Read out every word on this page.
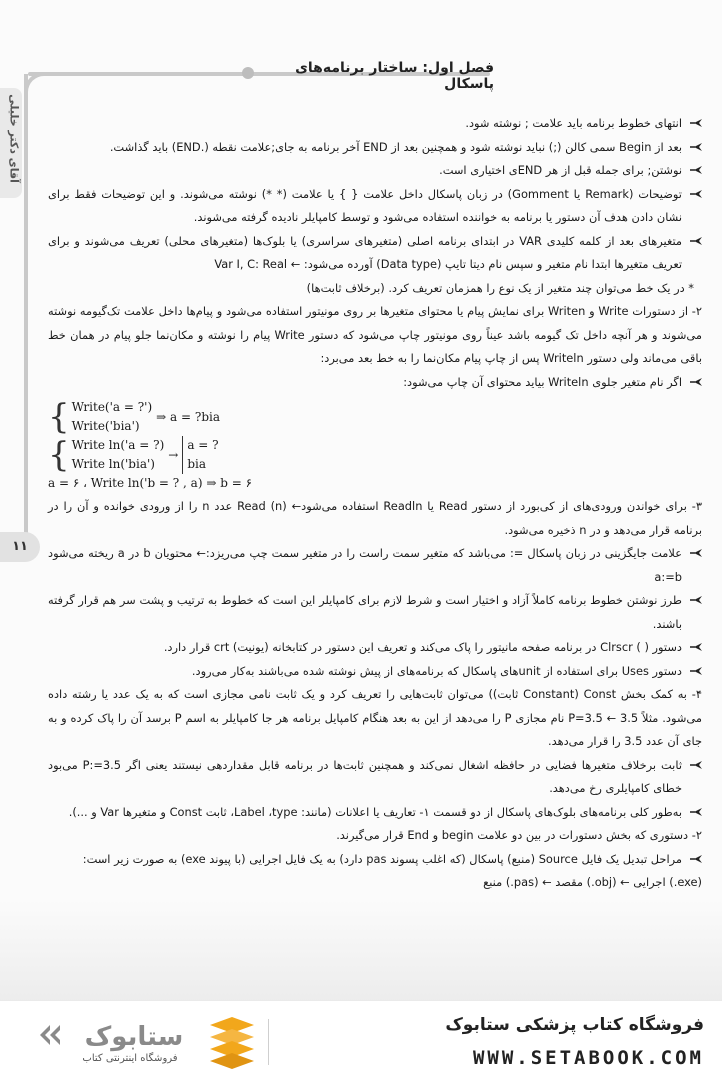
فصل اول: ساختار برنامه‌های پاسکال
آقای دکتر خلیلی
۱۱
انتهای خطوط برنامه باید علامت ; نوشته شود.
بعد از Begin سمی کالن (;) نباید نوشته شود و همچنین بعد از END آخر برنامه به جای;علامت نقطه (.END) باید گذاشت.
نوشتن; برای جمله قبل از هر ENDی اختیاری است.
توضیحات (Remark یا Gomment) در زبان پاسکال داخل علامت { } یا علامت (* *) نوشته می‌شوند. و این توضیحات فقط برای نشان دادن هدف آن دستور یا برنامه به خواننده استفاده می‌شود و توسط کامپایلر نادیده گرفته می‌شوند.
متغیرهای بعد از کلمه کلیدی VAR در ابتدای برنامه اصلی (متغیرهای سراسری) یا بلوک‌ها (متغیرهای محلی) تعریف می‌شوند و برای تعریف متغیرها ابتدا نام متغیر و سپس نام دیتا تایپ (Data type) آورده می‌شود: ← Var I, C: Real
* در یک خط می‌توان چند متغیر از یک نوع را همزمان تعریف کرد. (برخلاف ثابت‌ها)
۲- از دستورات Write و Writen برای نمایش پیام یا محتوای متغیرها بر روی مونیتور استفاده می‌شود و پیام‌ها داخل علامت تک‌گیومه نوشته می‌شوند و هر آنچه داخل تک گیومه باشد عیناً روی مونیتور چاپ می‌شود که دستور Write پیام را نوشته و مکان‌نما جلو پیام در همان خط باقی می‌ماند ولی دستور Writeln پس از چاپ پیام مکان‌نما را به خط بعد می‌برد:
اگر نام متغیر جلوی Writeln بیاید محتوای آن چاپ می‌شود:
{ Write('a = ?')
Write('bia')
⇒ a = ?bia
{ Write ln('a = ?)
Write ln('bia')
→
a = ?
bia
a = ۶ ، Write ln('b = ? , a) ⇒ b = ۶
۳- برای خواندن ورودی‌های از کی‌بورد از دستور Read یا Readln استفاده می‌شود← Read (n) عدد n را از ورودی خوانده و آن را در برنامه قرار می‌دهد و در n ذخیره می‌شود.
علامت جایگزینی در زبان پاسکال =: می‌باشد که متغیر سمت راست را در متغیر سمت چپ می‌ریزد:← محتویان b در a ریخته می‌شود a:=b
طرز نوشتن خطوط برنامه کاملاً آزاد و اختیار است و شرط لازم برای کامپایلر این است که خطوط به ترتیب و پشت سر هم قرار گرفته باشند.
دستور ( ) Clrscr در برنامه صفحه مانیتور را پاک می‌کند و تعریف این دستور در کتابخانه (یونیت) crt قرار دارد.
دستور Uses برای استفاده از unitهای پاسکال که برنامه‌های از پیش نوشته شده می‌باشند به‌کار می‌رود.
۴- به کمک بخش Const (Constant ثابت)) می‌توان ثابت‌هایی را تعریف کرد و یک ثابت نامی مجازی است که به یک عدد یا رشته داده می‌شود. مثلاً P=3.5 ← 3.5 نام مجازی P را می‌دهد از این به بعد هنگام کامپایل برنامه هر جا کامپایلر به اسم P برسد آن را پاک کرده و به جای آن عدد 3.5 را قرار می‌دهد.
ثابت برخلاف متغیرها فضایی در حافظه اشغال نمی‌کند و همچنین ثابت‌ها در برنامه قابل مقداردهی نیستند یعنی اگر P:=3.5 می‌بود خطای کامپایلری رخ می‌دهد.
به‌طور کلی برنامه‌های بلوک‌های پاسکال از دو قسمت ۱- تعاریف یا اعلانات (مانند: Label ،type، ثابت Const و متغیرها Var و ...).
۲- دستوری که بخش دستورات در بین دو علامت begin و End قرار می‌گیرند.
مراحل تبدیل یک فایل Source (منبع) پاسکال (که اغلب پسوند pas دارد) به یک فایل اجرایی (با پیوند exe) به صورت زیر است:
(exe.) اجرایی ← (obj.) مقصد ← (pas.) منبع
ستابوک
فروشگاه اینترنتی کتاب
فروشگاه کتاب پزشکی ستابوک
WWW.SETABOOK.COM
